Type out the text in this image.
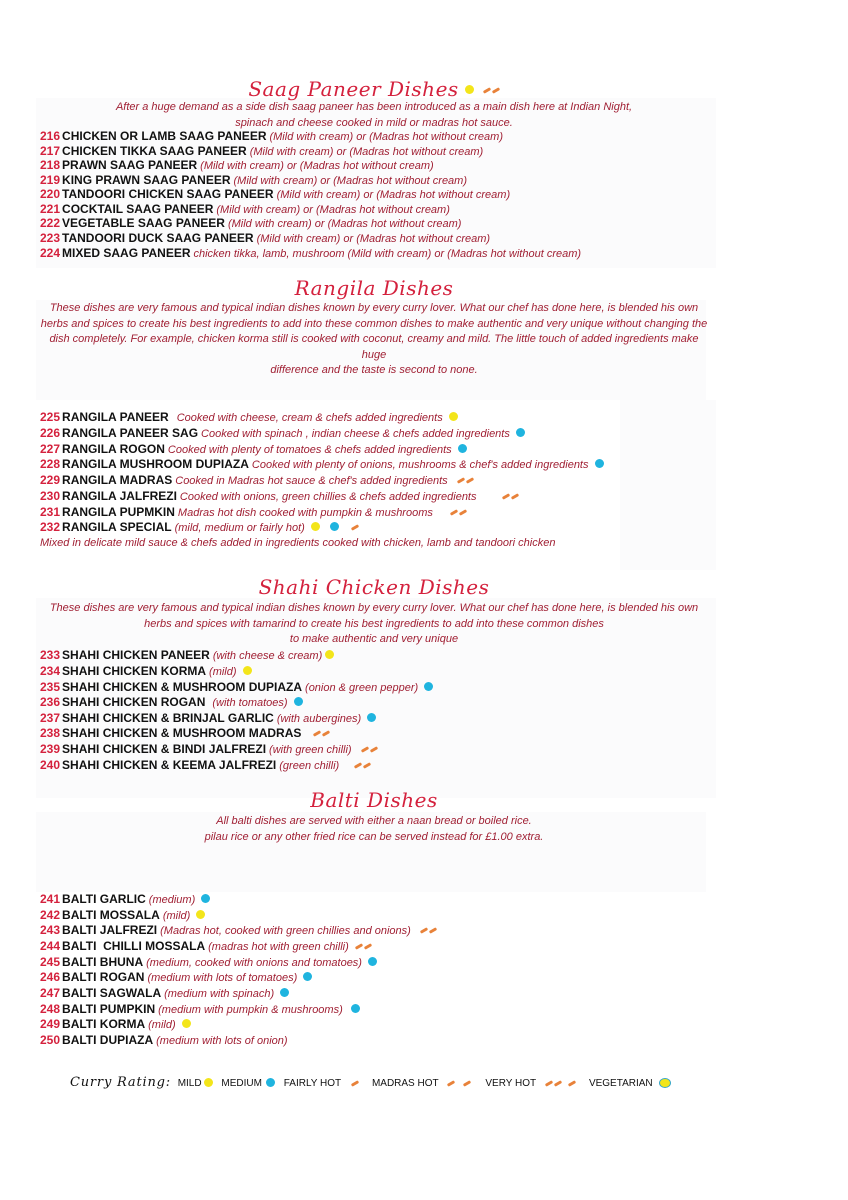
Saag Paneer Dishes
After a huge demand as a side dish saag paneer has been introduced as a main dish here at Indian Night,
spinach and cheese cooked in mild or madras hot sauce.
216 CHICKEN OR LAMB SAAG PANEER (Mild with cream) or (Madras hot without cream)
217 CHICKEN TIKKA SAAG PANEER (Mild with cream) or (Madras hot without cream)
218 PRAWN SAAG PANEER (Mild with cream) or (Madras hot without cream)
219 KING PRAWN SAAG PANEER (Mild with cream) or (Madras hot without cream)
220 TANDOORI CHICKEN SAAG PANEER (Mild with cream) or (Madras hot without cream)
221 COCKTAIL SAAG PANEER (Mild with cream) or (Madras hot without cream)
222 VEGETABLE SAAG PANEER (Mild with cream) or (Madras hot without cream)
223 TANDOORI DUCK SAAG PANEER (Mild with cream) or (Madras hot without cream)
224 MIXED SAAG PANEER chicken tikka, lamb, mushroom (Mild with cream) or (Madras hot without cream)
Rangila Dishes
These dishes are very famous and typical indian dishes known by every curry lover. What our chef has done here, is blended his own
herbs and spices to create his best ingredients to add into these common dishes to make authentic and very unique without changing the
dish completely. For example, chicken korma still is cooked with coconut, creamy and mild. The little touch of added ingredients make huge
difference and the taste is second to none.
225 RANGILA PANEER Cooked with cheese, cream & chefs added ingredients
226 RANGILA PANEER SAG Cooked with spinach , indian cheese & chefs added ingredients
227 RANGILA ROGON Cooked with plenty of tomatoes & chefs added ingredients
228 RANGILA MUSHROOM DUPIAZA Cooked with plenty of onions, mushrooms & chef's added ingredients
229 RANGILA MADRAS Cooked in Madras hot sauce & chef's added ingredients
230 RANGILA JALFREZI Cooked with onions, green chillies & chefs added ingredients
231 RANGILA PUPMKIN Madras hot dish cooked with pumpkin & mushrooms
232 RANGILA SPECIAL (mild, medium or fairly hot)
Mixed in delicate mild sauce & chefs added in ingredients cooked with chicken, lamb and tandoori chicken
Shahi Chicken Dishes
These dishes are very famous and typical indian dishes known by every curry lover. What our chef has done here, is blended his own
herbs and spices with tamarind to create his best ingredients to add into these common dishes
to make authentic and very unique
233 SHAHI CHICKEN PANEER (with cheese & cream)
234 SHAHI CHICKEN KORMA (mild)
235 SHAHI CHICKEN & MUSHROOM DUPIAZA (onion & green pepper)
236 SHAHI CHICKEN ROGAN (with tomatoes)
237 SHAHI CHICKEN & BRINJAL GARLIC (with aubergines)
238 SHAHI CHICKEN & MUSHROOM MADRAS
239 SHAHI CHICKEN & BINDI JALFREZI (with green chilli)
240 SHAHI CHICKEN & KEEMA JALFREZI (green chilli)
Balti Dishes
All balti dishes are served with either a naan bread or boiled rice.
pilau rice or any other fried rice can be served instead for £1.00 extra.
241 BALTI GARLIC (medium)
242 BALTI MOSSALA (mild)
243 BALTI JALFREZI (Madras hot, cooked with green chillies and onions)
244 BALTI  CHILLI MOSSALA (madras hot with green chilli)
245 BALTI BHUNA (medium, cooked with onions and tomatoes)
246 BALTI ROGAN (medium with lots of tomatoes)
247 BALTI SAGWALA (medium with spinach)
248 BALTI PUMPKIN (medium with pumpkin & mushrooms)
249 BALTI KORMA (mild)
250 BALTI DUPIAZA (medium with lots of onion)
Curry Rating: MILD MEDIUM FAIRLY HOT	MADRAS HOT	VERY HOT	VEGETARIAN
